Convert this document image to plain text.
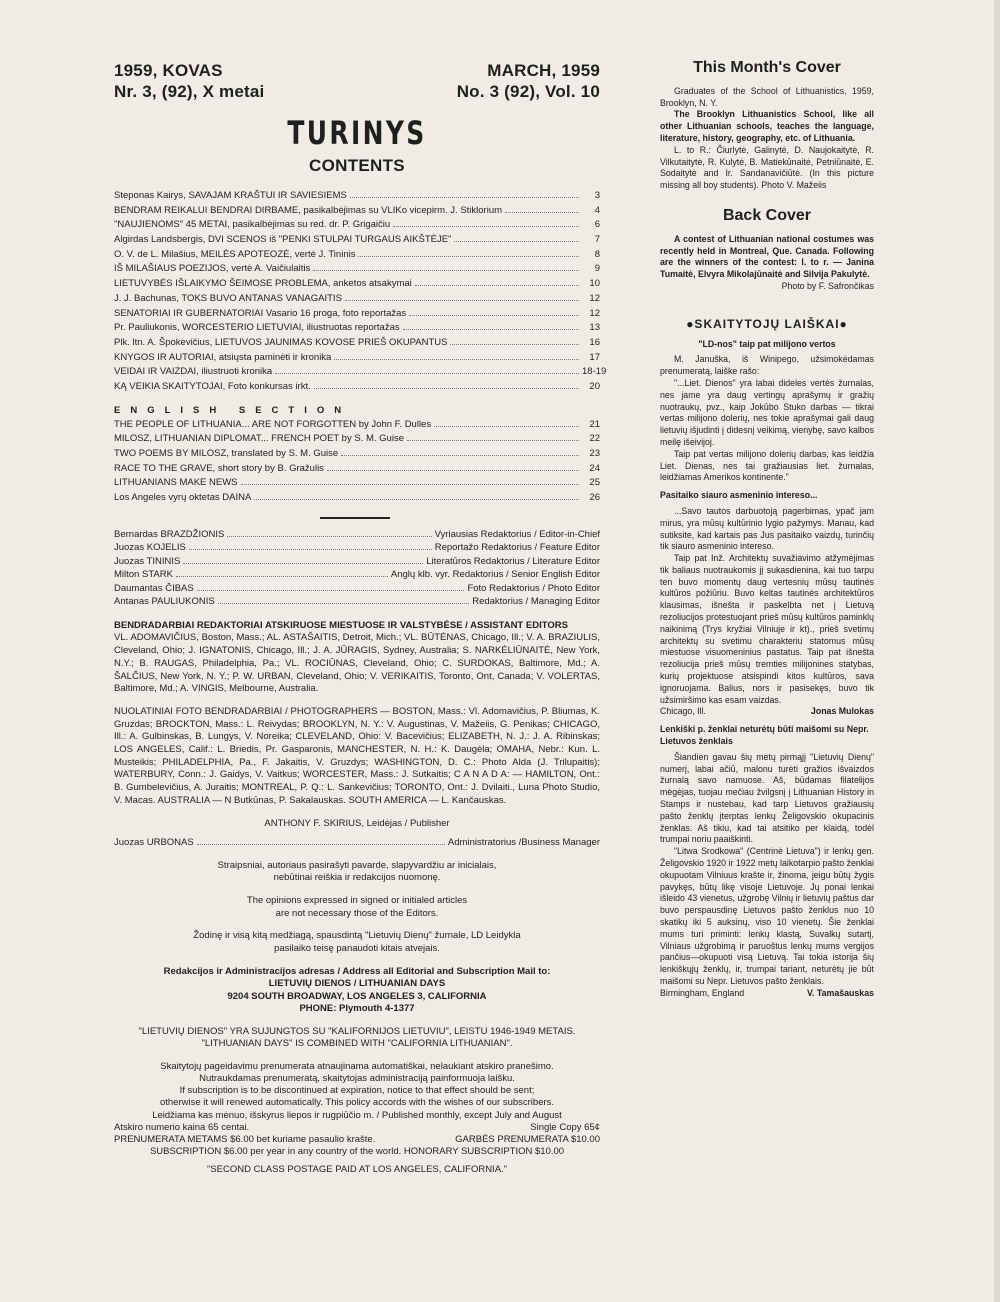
1959, KOVAS
Nr. 3, (92), X metai
MARCH, 1959
No. 3 (92), Vol. 10
TURINYS
CONTENTS
Steponas Kairys, SAVAJAM KRAŠTUI IR SAVIESIEMS	3
BENDRAM REIKALUI BENDRAI DIRBAME, pasikalbėjimas su VLIKo vicepirm. J. Stiklorium	4
"NAUJIENOMS" 45 METAI, pasikalbėjimas su red. dr. P. Grigaičiu	6
Algirdas Landsbergis, DVI SCENOS iš "PENKI STULPAI TURGAUS AIKŠTĖJE"	7
O. V. de L. Milašius, MEILĖS APOTEOZĖ, vertė J. Tininis	8
IŠ MILAŠIAUS POEZIJOS, vertė A. Vaičiulaitis	9
LIETUVYBĖS IŠLAIKYMO ŠEIMOSE PROBLEMA, anketos atsakymai	10
J. J. Bachunas, TOKS BUVO ANTANAS VANAGAITIS	12
SENATORIAI IR GUBERNATORIAI Vasario 16 proga, foto reportažas	12
Pr. Pauliukonis, WORCESTERIO LIETUVIAI, iliustruotas reportažas	13
Plk. ltn. A. Špokevičius, LIETUVOS JAUNIMAS KOVOSE PRIEŠ OKUPANTUS	16
KNYGOS IR AUTORIAI, atsiųsta paminėti ir kronika	17
VEIDAI IR VAIZDAI, iliustruoti kronika	18-19
KĄ VEIKIA SKAITYTOJAI, Foto konkursas irkt.	20
ENGLISH SECTION
THE PEOPLE OF LITHUANIA... ARE NOT FORGOTTEN by John F. Dulles	21
MILOSZ, LITHUANIAN DIPLOMAT... FRENCH POET by S. M. Guise	22
TWO POEMS BY MILOSZ, translated by S. M. Guise	23
RACE TO THE GRAVE, short story by B. Gražulis	24
LITHUANIANS MAKE NEWS	25
Los Angeles vyrų oktetas DAINA	26
Bernardas BRAZDŽIONIS	Vyriausias Redaktorius / Editor-in-Chief
Juozas KOJELIS	Reportažo Redaktorius / Feature Editor
Juozas TININIS	Literatūros Redaktorius / Literature Editor
Milton STARK	Anglų klb. vyr. Redaktorius / Senior English Editor
Daumantas ČIBAS	Foto Redaktorius / Photo Editor
Antanas PAULIUKONIS	Redaktorius / Managing Editor
BENDRADARBIAI REDAKTORIAI ATSKIRUOSE MIESTUOSE IR VALSTYBĖSE / ASSISTANT EDITORS
VL. ADOMAVIČIUS, Boston, Mass.; AL. ASTAŠAITIS, Detroit, Mich.; VL. BŪTĖNAS, Chicago, Ill.; V. A. BRAZIULIS, Cleveland, Ohio; J. IGNATONIS, Chicago, Ill.; J. A. JŪRAGIS, Sydney, Australia; S. NARKĖLIŪNAITĖ, New York, N.Y.; B. RAUGAS, Philadelphia, Pa.; VL. ROCIŪNAS, Cleveland, Ohio; C. SURDOKAS, Baltimore, Md.; A. ŠALČIUS, New York, N. Y.; P. W. URBAN, Cleveland, Ohio; V. VERIKAITIS, Toronto, Ont, Canada; V. VOLERTAS, Baltimore, Md.; A. VINGIS, Melbourne, Australia.
NUOLATINIAI FOTO BENDRADARBIAI / PHOTOGRAPHERS — BOSTON, Mass.: Vl. Adomavičius, P. Bliumas, K. Gruzdas; BROCKTON, Mass.: L. Reivydas; BROOKLYN, N. Y.: V. Augustinas, V. Mažeiis, G. Penikas; CHICAGO, Ill.: A. Gulbinskas, B. Lungys, V. Noreika; CLEVELAND, Ohio: V. Bacevičius; ELIZABETH, N. J.: J. A. Ribinskas; LOS ANGELES, Calif.: L. Briedis, Pr. Gasparonis, MANCHESTER, N. H.: K. Daugėla; OMAHA, Nebr.: Kun. L. Musteikis; PHILADELPHIA, Pa., F. Jakaitis, V. Gruzdys; WASHINGTON, D. C.: Photo Alda (J. Trilupaitis); WATERBURY, Conn.: J. Gaidys, V. Vaitkus; WORCESTER, Mass.: J. Sutkaitis; C A N A D A: — HAMILTON, Ont.: B. Gumbelevičius, A. Juraitis; MONTREAL, P. Q.: L. Sankevičius; TORONTO, Ont.: J. Dvilaiti., Luna Photo Studio, V. Macas. AUSTRALIA — N Butkūnas, P. Sakalauskas. SOUTH AMERICA — L. Kančauskas.
ANTHONY F. SKIRIUS, Leidėjas / Publisher
Juozas URBONAS	Administratorius /Business Manager
Straipsniai, autoriaus pasirašyti pavarde, slapyvardžiu ar inicialais,
nebūtinai reiškia ir redakcijos nuomonę.
The opinions expressed in signed or initialed articles
are not necessary those of the Editors.
Žodinę ir visą kitą medžiagą, spausdintą "Lietuvių Dienų" žurnale, LD Leidykla
pasilaiko teisę panaudoti kitais atvejais.
Redakcijos ir Administracijos adresas / Address all Editorial and Subscription Mail to:
LIETUVIŲ DIENOS / LITHUANIAN DAYS
9204 SOUTH BROADWAY, LOS ANGELES 3, CALIFORNIA
PHONE: Plymouth 4-1377
"LIETUVIŲ DIENOS" YRA SUJUNGTOS SU "KALIFORNIJOS LIETUVIU", LEISTU 1946-1949 METAIS.
"LITHUANIAN DAYS" IS COMBINED WITH "CALIFORNIA LITHUANIAN".
Skaitytojų pageidavimu prenumerata atnaujinama automatiškai, nelaukiant atskiro pranešimo.
Nutraukdamas prenumeratą, skaitytojas administraciją painformuoja laišku.
If subscription is to be discontinued at expiration, notice to that effect should be sent;
otherwise it will renewed automatically. This policy accords with the wishes of our subscribers.
Leidžiama kas mėnuo, išskyrus liepos ir rugpiūčio m. / Published monthly, except July and August
Atskiro numerio kaina 65 centai.	Single Copy 65¢
PRENUMERATA METAMS $6.00 bet kuriame pasaulio krašte.	GARBĖS PRENUMERATA $10.00
SUBSCRIPTION $6.00 per year in any country of the world. HONORARY SUBSCRIPTION $10.00
"SECOND CLASS POSTAGE PAID AT LOS ANGELES, CALIFORNIA."
This Month's Cover

Graduates of the School of Lithuanistics, 1959, Brooklyn, N. Y.

The Brooklyn Lithuanistics School, like all other Lithuanian schools, teaches the language, literature, history, geography, etc. of Lithuania.

L. to R.: Čiurlytė, Galinytė, D. Naujokaitytė, R. Vilkutaitytė, R. Kulytė, B. Matiekūnaitė, Petniūnaitė, E. Sodaitytė and Ir. Sandanavičiūtė. (In this picture missing all boy students). Photo V. Mažeiis

Back Cover

A contest of Lithuanian national costumes was recently held in Montreal, Que. Canada. Following are the winners of the contest: l. to r. — Janina Tumaitė, Elvyra Mikolajūnaitė and Silvija Pakulytė.

Photo by F. Safrončikas

●SKAITYTOJŲ LAIŠKAI●
"LD-nos" taip pat milijono vertos

M. Januška, iš Winipego, užsimokėdamas prenumeratą, laiške rašo:

"...Liet. Dienos" yra labai dideles vertės žurnalas, nes jame yra daug vertingų aprašymų ir gražių nuotraukų, pvz., kaip Jokūbo Stuko darbas — tikrai vertas milijono dolerių, nes tokie aprašymai gali daug lietuvių išjudinti į didesnį veikimą, vienybę, savo kalbos meilę išeivijoj.

Taip pat vertas milijono dolerių darbas, kas leidžia Liet. Dienas, nes tai gražiausias liet. žurnalas, leidžiamas Amerikos kontinente."

Pasitaiko siauro asmeninio intereso...

...Savo tautos darbuotoją pagerbimas, ypač jam mirus, yra mūsų kultūrinio lygio pažymys. Manau, kad sutiksite, kad kartais pas Jus pasitaiko vaizdų, turinčių tik siauro asmeninio intereso.

Taip pat Inž. Architektų suvažiavimo atžymėjimas tik baliaus nuotraukomis jį sukasdienina, kai tuo tarpu ten buvo momentų daug vertesnių mūsų tautinės kultūros požiūriu. Buvo keltas tautinės architektūros klausimas, išnešta ir paskelbta net į Lietuvą rezoliucijos protestuojant prieš mūsų kultūros paminklų naikinimą (Trys kryžiai Vilniuje ir kt)., prieš svetimų architektų su svetimu charakteriu statomus mūsų miestuose visuomeninius pastatus. Taip pat išnešta rezoliucija prieš mūsų tremties milijonines statybas, kurių projektuose atsispindi kitos kultūros, sava ignoruojama. Balius, nors ir pasisekęs, buvo tik užsimiršimo kas esam vaizdas.

Chicago, Ill.	Jonas Mulokas
Lenkiški p. ženklai neturėtų būti maišomi su Nepr. Lietuvos ženklais

Šiandien gavau šių metų pirmąjį "Lietuvių Dienų" numerį, labai ačiū, malonu turėti gražios išvaizdos žurnalą savo namuose. Aš, būdamas filatelijos mėgėjas, tuojau mečiau žvilgsnį į Lithuanian History in Stamps ir nustebau, kad tarp Lietuvos gražiausių pašto ženklų įterptas lenkų Želigovskio okupacinis ženklas. Aš tikiu, kad tai atsitiko per klaidą, todėl trumpai noriu paaiškinti.

"Litwa Srodkowa" (Centrinė Lietuva") ir lenkų gen. Želigovskio 1920 ir 1922 metų laikotarpio pašto ženklai okupuotam Vilniuus krašte ir, žinoma, jeigu būtų žygis pavykęs, būtų likę visoje Lietuvoje. Jų ponai lenkai išleido 43 vienetus, užgrobę Vilnių ir lietuvių paštus dar buvo perspausdinę Lietuvos pašto ženklus nuo 10 skatikų iki 5 auksinų, viso 10 vienetų. Šie ženklai mums turi priminti: lenkų klastą, Suvalkų sutartį, Vilniaus užgrobimą ir paruoštus lenkų mums vergijos pančius—okupuoti visą Lietuvą. Tai tokia istorija šių lenkiškųjų ženklų, ir, trumpai tariant, neturėtų jie būt maišomi su Nepr. Lietuvos pašto ženklais.

Birmingham, England	V. Tamašauskas
